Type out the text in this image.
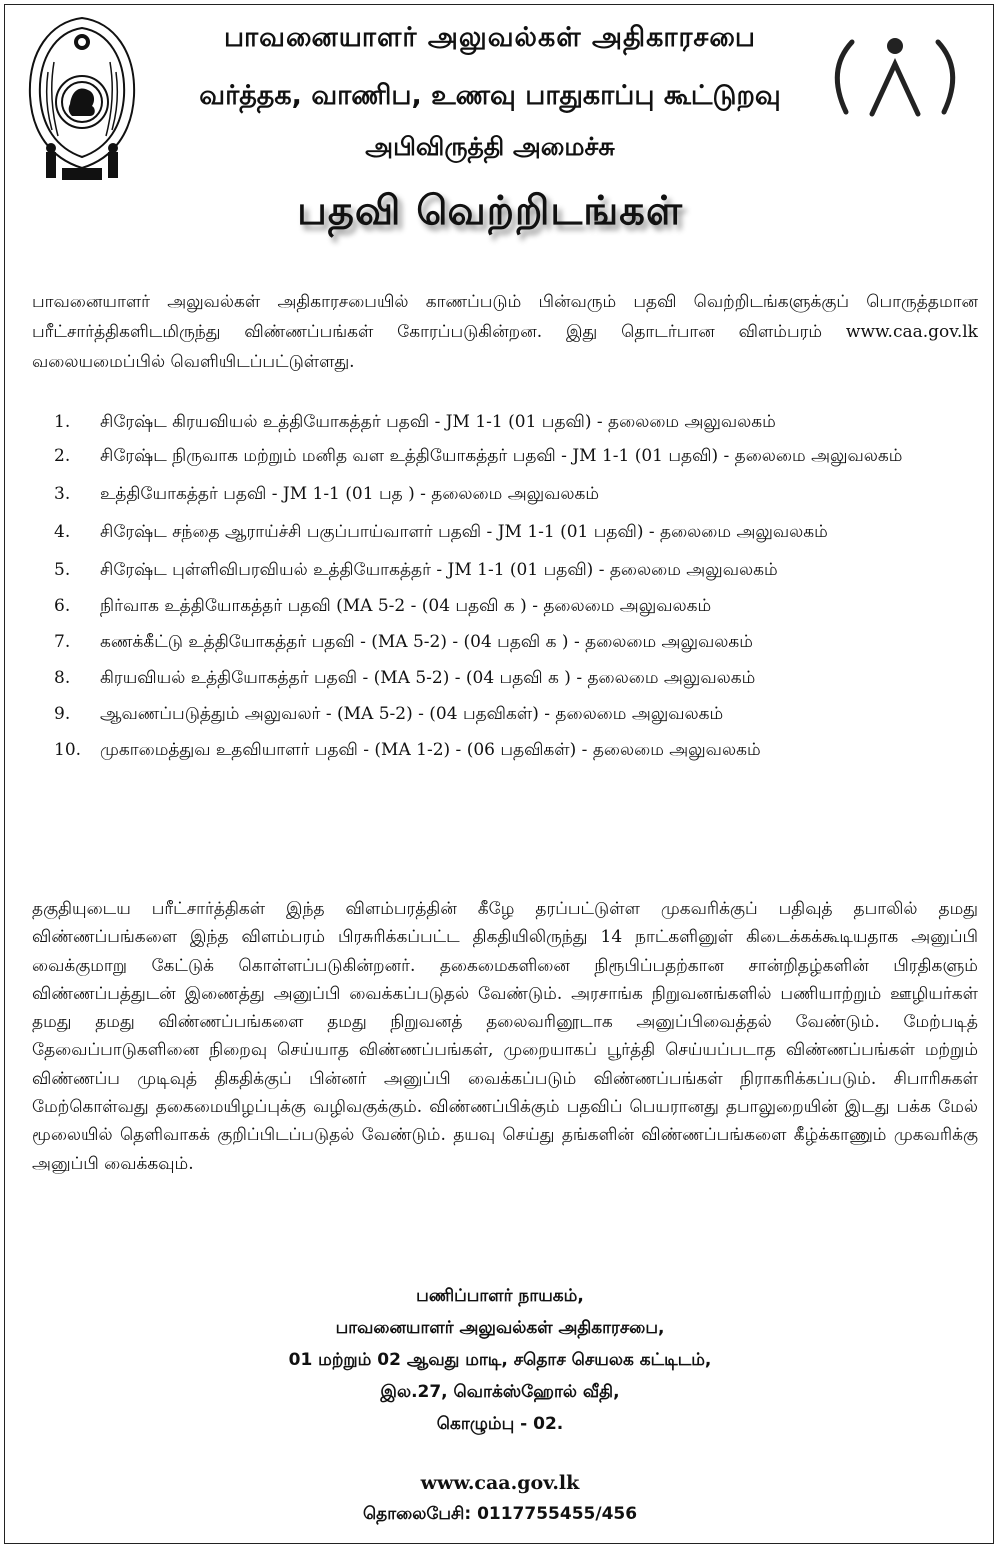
பாவனையாளர் அலுவல்கள் அதிகாரசபை
வர்த்தக, வாணிப, உணவு பாதுகாப்பு கூட்டுறவு
அபிவிருத்தி அமைச்சு
பதவி வெற்றிடங்கள்

பாவனையாளர் அலுவல்கள் அதிகாரசபையில் காணப்படும் பின்வரும் பதவி வெற்றிடங்களுக்குப் பொருத்தமான பரீட்சார்த்திகளிடமிருந்து விண்ணப்பங்கள் கோரப்படுகின்றன. இது தொடர்பான விளம்பரம் www.caa.gov.lk வலையமைப்பில் வெளியிடப்பட்டுள்ளது.

1. சிரேஷ்ட கிரயவியல் உத்தியோகத்தர் பதவி - JM 1-1 (01 பதவி) - தலைமை அலுவலகம்
2. சிரேஷ்ட நிருவாக மற்றும் மனித வள உத்தியோகத்தர் பதவி - JM 1-1 (01 பதவி) - தலைமை அலுவலகம்
3. உத்தியோகத்தர் பதவி - JM 1-1 (01 பத ) - தலைமை அலுவலகம்
4. சிரேஷ்ட சந்தை ஆராய்ச்சி பகுப்பாய்வாளர் பதவி - JM 1-1 (01 பதவி) - தலைமை அலுவலகம்
5. சிரேஷ்ட புள்ளிவிபரவியல் உத்தியோகத்தர் - JM 1-1 (01 பதவி) - தலைமை அலுவலகம்
6. நிர்வாக உத்தியோகத்தர் பதவி (MA 5-2 - (04 பதவி க ) - தலைமை அலுவலகம்
7. கணக்கீட்டு உத்தியோகத்தர் பதவி - (MA 5-2) - (04 பதவி க ) - தலைமை அலுவலகம்
8. கிரயவியல் உத்தியோகத்தர் பதவி - (MA 5-2) - (04 பதவி க ) - தலைமை அலுவலகம்
9. ஆவணப்படுத்தும் அலுவலர் - (MA 5-2) - (04 பதவிகள்) - தலைமை அலுவலகம்
10. முகாமைத்துவ உதவியாளர் பதவி - (MA 1-2) - (06 பதவிகள்) - தலைமை அலுவலகம்

தகுதியுடைய பரீட்சார்த்திகள் இந்த விளம்பரத்தின் கீழே தரப்பட்டுள்ள முகவரிக்குப் பதிவுத் தபாலில் தமது விண்ணப்பங்களை இந்த விளம்பரம் பிரசுரிக்கப்பட்ட திகதியிலிருந்து 14 நாட்களினுள் கிடைக்கக்கூடியதாக அனுப்பி வைக்குமாறு கேட்டுக் கொள்ளப்படுகின்றனர். தகைமைகளினை நிரூபிப்பதற்கான சான்றிதழ்களின் பிரதிகளும் விண்ணப்பத்துடன் இணைத்து அனுப்பி வைக்கப்படுதல் வேண்டும். அரசாங்க நிறுவனங்களில் பணியாற்றும் ஊழியர்கள் தமது தமது விண்ணப்பங்களை தமது நிறுவனத் தலைவரினூடாக அனுப்பிவைத்தல் வேண்டும். மேற்படித் தேவைப்பாடுகளினை நிறைவு செய்யாத விண்ணப்பங்கள், முறையாகப் பூர்த்தி செய்யப்படாத விண்ணப்பங்கள் மற்றும் விண்ணப்ப முடிவுத் திகதிக்குப் பின்னர் அனுப்பி வைக்கப்படும் விண்ணப்பங்கள் நிராகரிக்கப்படும். சிபாரிசுகள் மேற்கொள்வது தகைமையிழப்புக்கு வழிவகுக்கும். விண்ணப்பிக்கும் பதவிப் பெயரானது தபாலுறையின் இடது பக்க மேல் மூலையில் தெளிவாகக் குறிப்பிடப்படுதல் வேண்டும். தயவு செய்து தங்களின் விண்ணப்பங்களை கீழ்க்காணும் முகவரிக்கு அனுப்பி வைக்கவும்.

பணிப்பாளர் நாயகம்,
பாவனையாளர் அலுவல்கள் அதிகாரசபை,
01 மற்றும் 02 ஆவது மாடி, சதொச செயலக கட்டிடம்,
இல.27, வொக்ஸ்ஹோல் வீதி,
கொழும்பு - 02.
www.caa.gov.lk
தொலைபேசி: 0117755455/456
